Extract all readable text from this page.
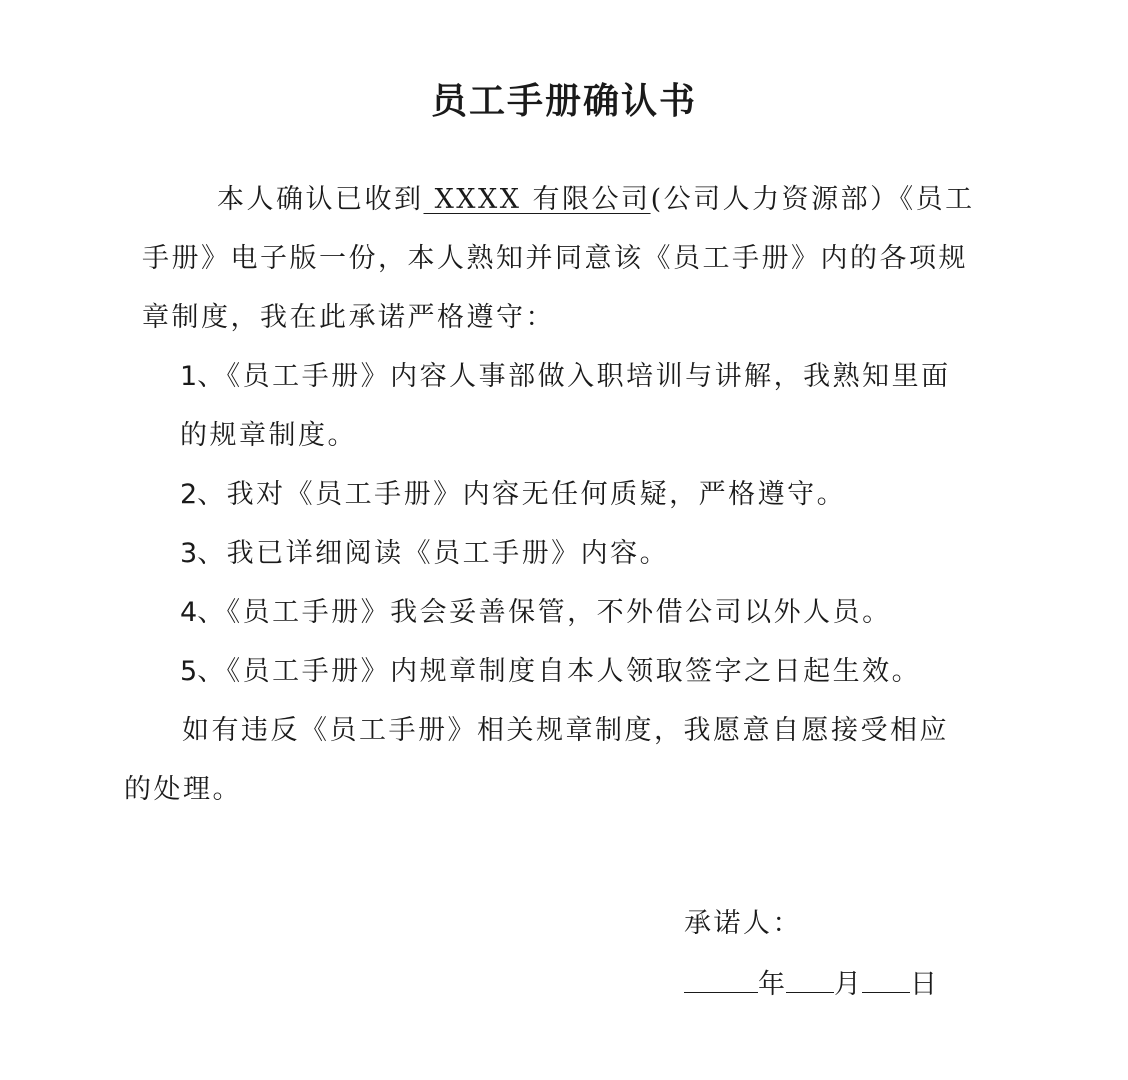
员工手册确认书

本人确认已收到 XXXX 有限公司(公司人力资源部）《员工

手册》电子版一份，本人熟知并同意该《员工手册》内的各项规

章制度，我在此承诺严格遵守：

1、《员工手册》内容人事部做入职培训与讲解，我熟知里面

的规章制度。

2、我对《员工手册》内容无任何质疑，严格遵守。

3、我已详细阅读《员工手册》内容。

4、《员工手册》我会妥善保管，不外借公司以外人员。

5、《员工手册》内规章制度自本人领取签字之日起生效。

如有违反《员工手册》相关规章制度，我愿意自愿接受相应

的处理。

承诺人：

年 月 日
